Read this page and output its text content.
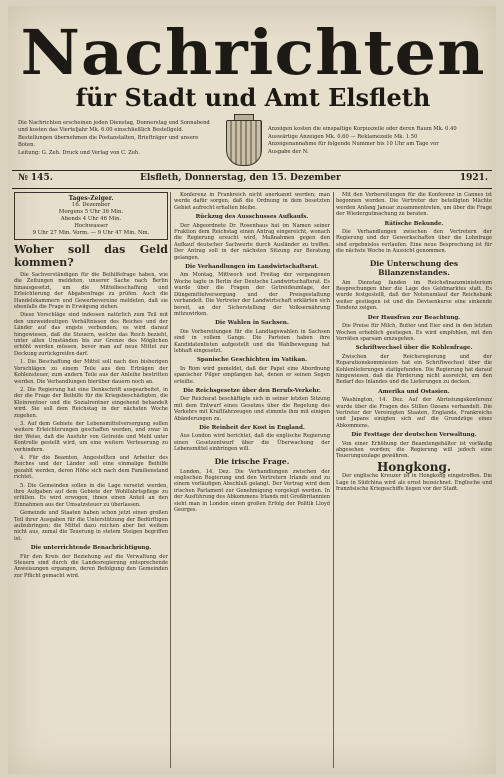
Nachrichten
für Stadt und Amt Elsfleth
Die Nachrichten erscheinen jeden Dienstag, Donnerstag und Sonnabend
und kosten das Vierteljahr Mk. 6.00 einschließlich Bestellgeld.
Bestellungen übernehmen die Postanstalten, Briefträger und unsere Boten.
Leitung: G. Zeh. Druck und Verlag von C. Zeh.
Anzeigen kosten die einspaltige Korpuszeile oder deren Raum Mk. 0.40
Auswärtige Anzeigen Mk. 0.60 — Reklamezeile Mk. 1.50
Anzeigenannahme für folgende Nummer bis 10 Uhr am Tage vor
Ausgabe der N.
№ 145.	Elsfleth, Donnerstag, den 15. Dezember	1921.
Tages-Zeiger.
16. Dezember
Morgens 5 Uhr 36 Min.
Abends 4 Uhr 46 Min.
Hochwasser
9 Uhr 27 Min. Vorm. — 9 Uhr 47 Min. Nm.
Woher soll das Geld kommen?

Die Sachverständigen für die Beihilfefrage haben, wie die Zeitungen meldeten, unserer Sache nach Berlin hinausgesetzt, um die Mittelbeschaffung und Erleichterung der Abgabenfrage zu prüfen. Auch die Handelskammern und Gewerbevereine meldeten, daß sie ebenfalls die Frage in Erwägung ziehen.

Diese Vorschläge sind indessen natürlich zum Teil mit den unzweideutigen Verhältnissen des Reiches und der Länder auf das engste verbunden; es wird darauf hingewiesen, daß die Steuern, welche das Reich bezieht, unter allen Umständen bis zur Grenze des Möglichen erhöht werden müssen, bevor man auf neue Mittel zur Deckung zurückgreifen darf.

1. Die Beschaffung der Mittel soll nach den bisherigen Vorschlägen zu einem Teile aus den Erträgen der Kohlensteuer, zum andern Teile aus der Anleihe bestritten werden. Die Verhandlungen hierüber dauern noch an.

2. Die Regierung hat eine Denkschrift ausgearbeitet, in der die Frage der Beihilfe für die Kriegsbeschädigten, die Kleinrentner und die Sozialrentner eingehend behandelt wird. Sie soll dem Reichstag in der nächsten Woche zugehen.

3. Auf dem Gebiete der Lebensmittelversorgung sollen weitere Erleichterungen geschaffen werden, und zwar in der Weise, daß die Ausfuhr von Getreide und Mehl unter Kontrolle gestellt wird, um eine weitere Verteuerung zu verhindern.

4. Für die Beamten, Angestellten und Arbeiter des Reiches und der Länder soll eine einmalige Beihilfe gezahlt werden, deren Höhe sich nach dem Familienstand richtet.

5. Die Gemeinden sollen in die Lage versetzt werden, ihre Aufgaben auf dem Gebiete der Wohlfahrtspflege zu erfüllen. Es wird erwogen, ihnen einen Anteil an den Einnahmen aus der Umsatzsteuer zu überlassen.

Gemeinde und Staaten haben schon jetzt einen großen Teil ihrer Ausgaben für die Unterstützung der Bedürftigen aufzubringen; die Mittel dazu reichen aber bei weitem nicht aus, zumal die Teuerung in stetem Steigen begriffen ist.

Die unterrichtende Benachrichtigung.

Für den Kreis der Beziehung auf die Verwaltung der Steuern sind durch die Landesregierung entsprechende Anweisungen ergangen, deren Befolgung den Gemeinden zur Pflicht gemacht wird.

Konferenz in Frankreich nicht anerkannt werden; man werde dafür sorgen, daß die Ordnung in dem besetzten Gebiet aufrecht erhalten bleibe.

Rückzug des Ausschusses Aufkaufs.

Der Abgeordnete Dr. Rosenhaus hat im Namen seiner Fraktion dem Reichstag einen Antrag eingereicht, wonach die Regierung ersucht wird, Maßnahmen gegen den Aufkauf deutscher Sachwerte durch Ausländer zu treffen. Der Antrag soll in der nächsten Sitzung zur Beratung gelangen.

Die Verhandlungen im Landwirtschaftsrat.

Am Montag, Mittwoch und Freitag der vergangenen Woche tagte in Berlin der Deutsche Landwirtschaftsrat. Es wurde über die Fragen der Getreideumlage, der Düngemittelversorgung und der Preisgestaltung verhandelt. Die Vertreter der Landwirtschaft erklärten sich bereit, an der Sicherstellung der Volksernährung mitzuwirken.

Die Wahlen in Sachsen.

Die Vorbereitungen für die Landtagswahlen in Sachsen sind in vollem Gange. Die Parteien haben ihre Kandidatenlisten aufgestellt und die Wahlbewegung hat lebhaft eingesetzt.

Spanische Geschichten im Vatikan.

In Rom wird gemeldet, daß der Papst eine Abordnung spanischer Pilger empfangen hat, denen er seinen Segen erteilte.

Die Reichsgesetze über den Berufs-Verkehr.

Der Reichsrat beschäftigte sich in seiner letzten Sitzung mit dem Entwurf eines Gesetzes über die Regelung des Verkehrs mit Kraftfahrzeugen und stimmte ihm mit einigen Abänderungen zu.

Die Reinheit der Kost in England.

Aus London wird berichtet, daß die englische Regierung einen Gesetzentwurf über die Überwachung der Lebensmittel einbringen will.

Die irische Frage.

London, 14. Dez. Die Verhandlungen zwischen der englischen Regierung und den Vertretern Irlands sind zu einem vorläufigen Abschluß gelangt. Der Vertrag wird dem irischen Parlament zur Genehmigung vorgelegt werden. In der Ausführung des Abkommens Irlands mit Großbritannien sieht man in London einen großen Erfolg der Politik Lloyd Georges.

Mit den Vorbereitungen für die Konferenz in Cannes ist begonnen worden. Die Vertreter der beteiligten Mächte werden Anfang Januar zusammentreten, um über die Frage der Wiedergutmachung zu beraten.

Rätische Bekunde.

Die Verhandlungen zwischen den Vertretern der Regierung und der Gewerkschaften über die Lohnfrage sind ergebnislos verlaufen. Eine neue Besprechung ist für die nächste Woche in Aussicht genommen.

Die Unterschung des Bilanzenstandes.

Am Dienstag fanden im Reichsfinanzministerium Besprechungen über die Lage des Geldmarktes statt. Es wurde festgestellt, daß der Notenumlauf der Reichsbank weiter gestiegen ist und die Devisenkurse eine sinkende Tendenz zeigen.

Der Hausfrau zur Beachtung.

Die Preise für Milch, Butter und Eier sind in den letzten Wochen erheblich gestiegen. Es wird empfohlen, mit den Vorräten sparsam umzugehen.

Schriftwechsel über die Kohlenfrage.

Zwischen der Reichsregierung und der Reparationskommission hat ein Schriftwechsel über die Kohlenlieferungen stattgefunden. Die Regierung hat darauf hingewiesen, daß die Förderung nicht ausreicht, um den Bedarf des Inlandes und die Lieferungen zu decken.

Amerika und Ostasien.

Washington, 14. Dez. Auf der Abrüstungskonferenz wurde über die Fragen des Stillen Ozeans verhandelt. Die Vertreter der Vereinigten Staaten, Englands, Frankreichs und Japans einigten sich auf die Grundzüge eines Abkommens.

Die Festtage der deutschen Verwaltung.

Von einer Erhöhung der Beamtengehälter ist vorläufig abgesehen worden; die Regierung will jedoch eine Teuerungszulage gewähren.

Hongkong.

Der englische Kreuzer ist in Hongkong eingetroffen. Die Lage in Südchina wird als ernst bezeichnet. Englische und französische Kriegsschiffe liegen vor der Stadt.
